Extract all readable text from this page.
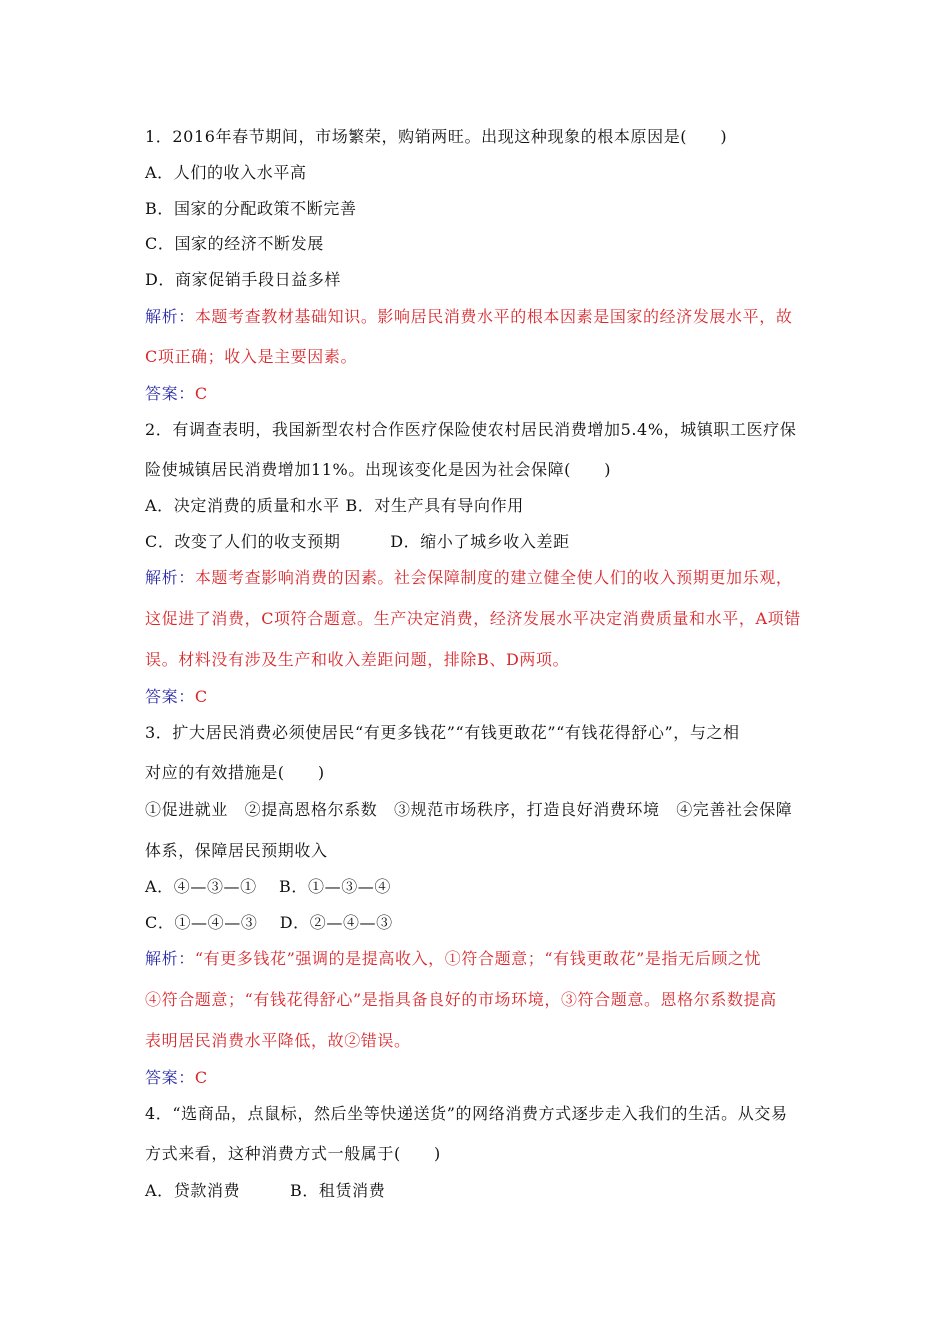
1．2016年春节期间，市场繁荣，购销两旺。出现这种现象的根本原因是(　　)
A．人们的收入水平高
B．国家的分配政策不断完善
C．国家的经济不断发展
D．商家促销手段日益多样
解析：本题考查教材基础知识。影响居民消费水平的根本因素是国家的经济发展水平，故
C项正确；收入是主要因素。
答案：C
2．有调查表明，我国新型农村合作医疗保险使农村居民消费增加5.4%，城镇职工医疗保
险使城镇居民消费增加11%。出现该变化是因为社会保障(　　)
A．决定消费的质量和水平 B．对生产具有导向作用
C．改变了人们的收支预期　　　D．缩小了城乡收入差距
解析：本题考查影响消费的因素。社会保障制度的建立健全使人们的收入预期更加乐观，
这促进了消费，C项符合题意。生产决定消费，经济发展水平决定消费质量和水平，A项错
误。材料没有涉及生产和收入差距问题，排除B、D两项。
答案：C
3．扩大居民消费必须使居民“有更多钱花”“有钱更敢花”“有钱花得舒心”，与之相
对应的有效措施是(　　)
①促进就业　②提高恩格尔系数　③规范市场秩序，打造良好消费环境　④完善社会保障
体系，保障居民预期收入
A．④—③—①　 B．①—③—④
C．①—④—③　 D．②—④—③
解析：“有更多钱花”强调的是提高收入，①符合题意；“有钱更敢花”是指无后顾之忧
④符合题意；“有钱花得舒心”是指具备良好的市场环境，③符合题意。恩格尔系数提高
表明居民消费水平降低，故②错误。
答案：C
4．“选商品，点鼠标，然后坐等快递送货”的网络消费方式逐步走入我们的生活。从交易
方式来看，这种消费方式一般属于(　　)
A．贷款消费　　　B．租赁消费
